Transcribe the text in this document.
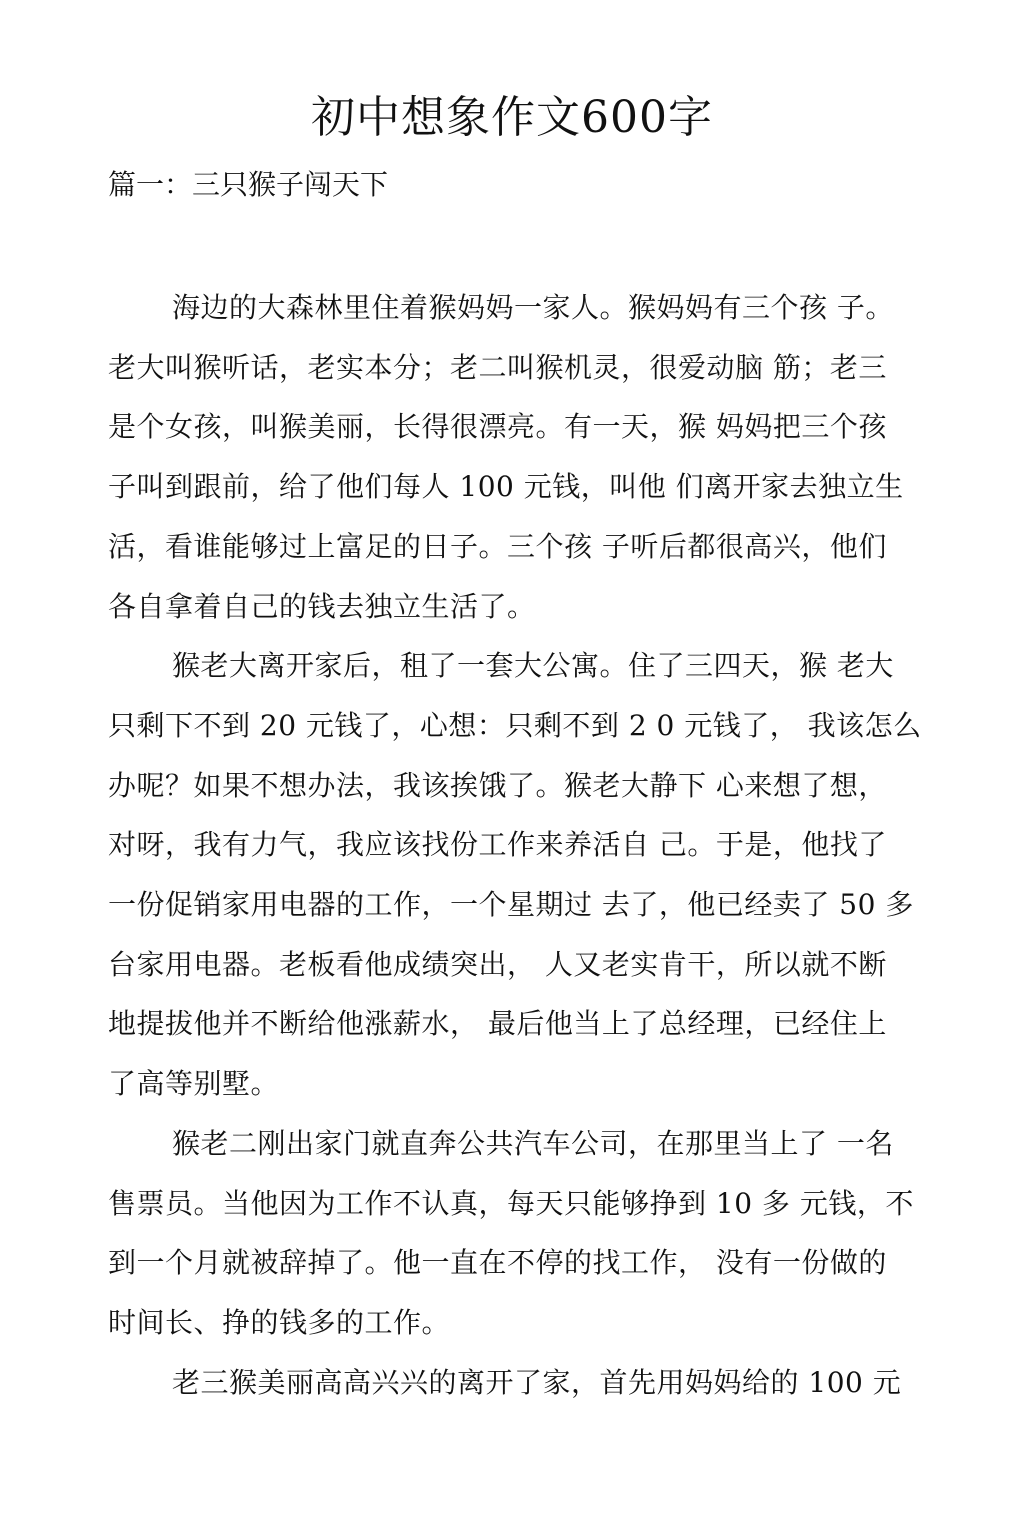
初中想象作文600字
篇一：三只猴子闯天下

海边的大森林里住着猴妈妈一家人。猴妈妈有三个孩 子。
老大叫猴听话，老实本分；老二叫猴机灵，很爱动脑 筋；老三
是个女孩，叫猴美丽，长得很漂亮。有一天，猴 妈妈把三个孩
子叫到跟前，给了他们每人 100 元钱，叫他 们离开家去独立生
活，看谁能够过上富足的日子。三个孩 子听后都很高兴，他们
各自拿着自己的钱去独立生活了。

猴老大离开家后，租了一套大公寓。住了三四天，猴 老大
只剩下不到 20 元钱了，心想：只剩不到 2 0 元钱了， 我该怎么
办呢？如果不想办法，我该挨饿了。猴老大静下 心来想了想，
对呀，我有力气，我应该找份工作来养活自 己。于是，他找了
一份促销家用电器的工作，一个星期过 去了，他已经卖了 50 多
台家用电器。老板看他成绩突出， 人又老实肯干，所以就不断
地提拔他并不断给他涨薪水， 最后他当上了总经理，已经住上
了高等别墅。

猴老二刚出家门就直奔公共汽车公司，在那里当上了 一名
售票员。当他因为工作不认真，每天只能够挣到 10 多 元钱，不
到一个月就被辞掉了。他一直在不停的找工作， 没有一份做的
时间长、挣的钱多的工作。

老三猴美丽高高兴兴的离开了家，首先用妈妈给的 100 元
